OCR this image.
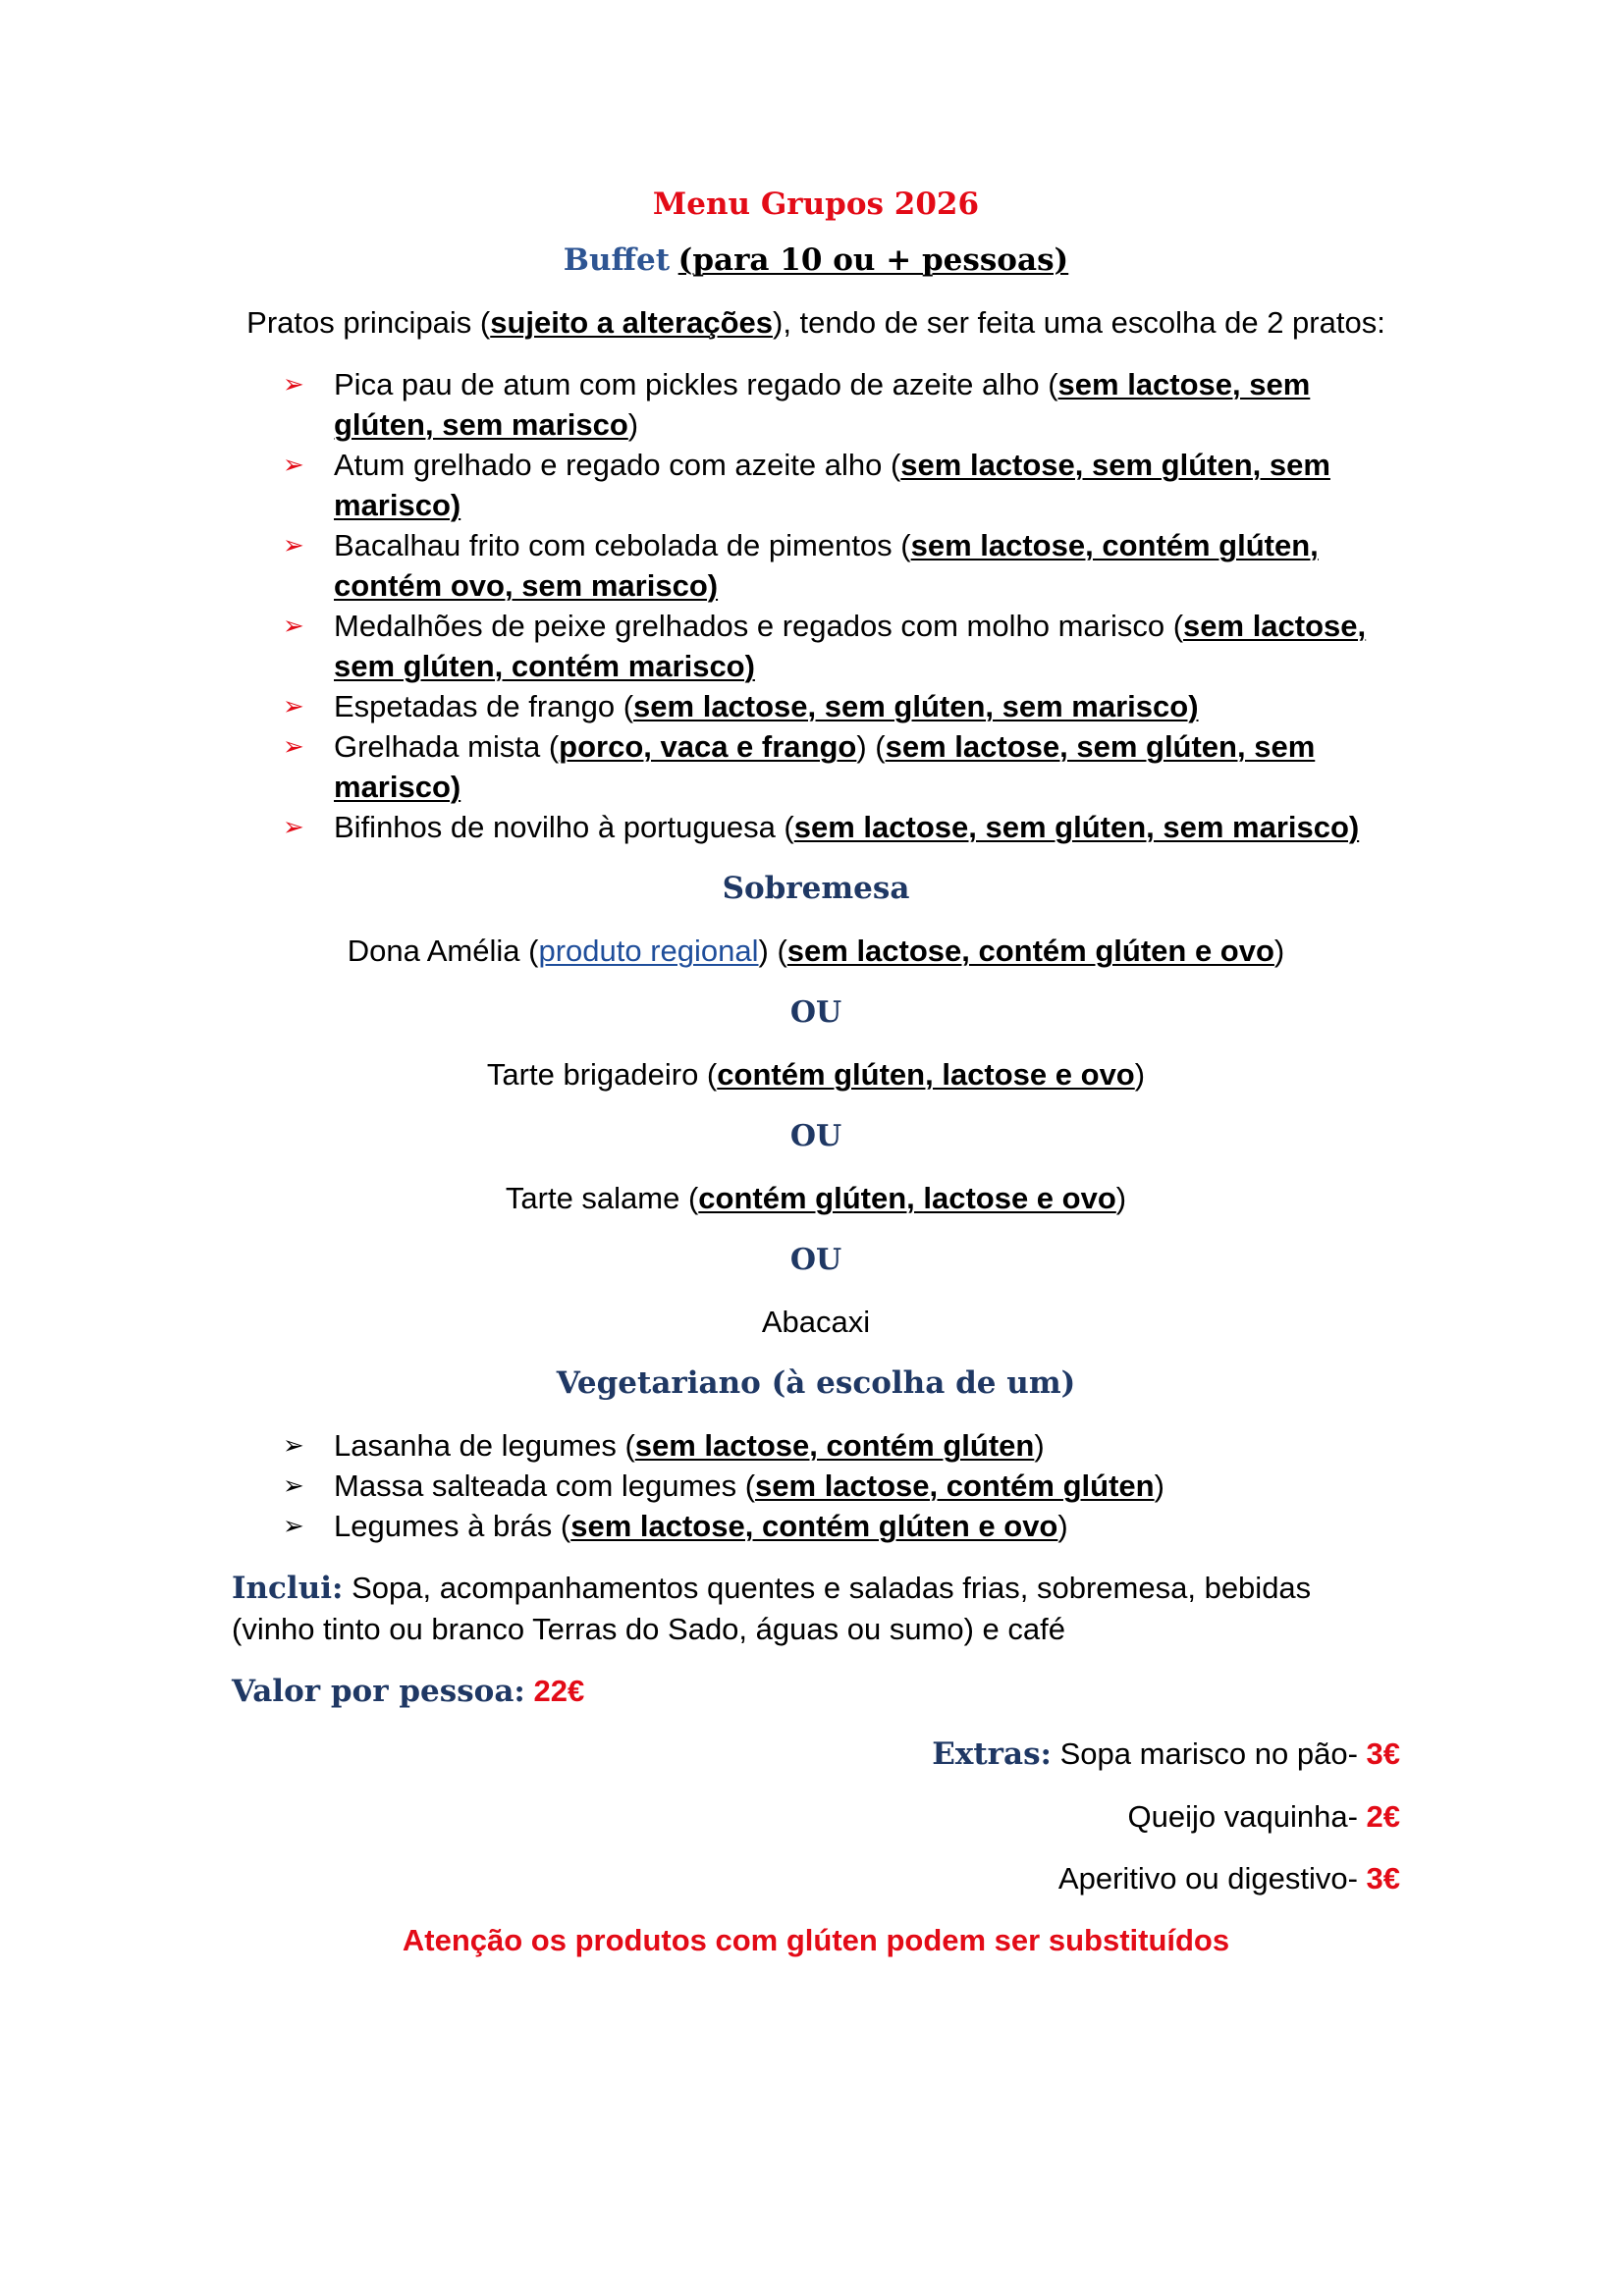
Menu Grupos 2026
Buffet (para 10 ou + pessoas)
Pratos principais (sujeito a alterações), tendo de ser feita uma escolha de 2 pratos:
➢ Pica pau de atum com pickles regado de azeite alho (sem lactose, sem glúten, sem marisco)
➢ Atum grelhado e regado com azeite alho (sem lactose, sem glúten, sem marisco)
➢ Bacalhau frito com cebolada de pimentos (sem lactose, contém glúten, contém ovo, sem marisco)
➢ Medalhões de peixe grelhados e regados com molho marisco (sem lactose, sem glúten, contém marisco)
➢ Espetadas de frango (sem lactose, sem glúten, sem marisco)
➢ Grelhada mista (porco, vaca e frango) (sem lactose, sem glúten, sem marisco)
➢ Bifinhos de novilho à portuguesa (sem lactose, sem glúten, sem marisco)
Sobremesa
Dona Amélia (produto regional) (sem lactose, contém glúten e ovo)
OU
Tarte brigadeiro (contém glúten, lactose e ovo)
OU
Tarte salame (contém glúten, lactose e ovo)
OU
Abacaxi
Vegetariano (à escolha de um)
➢ Lasanha de legumes (sem lactose, contém glúten)
➢ Massa salteada com legumes (sem lactose, contém glúten)
➢ Legumes à brás (sem lactose, contém glúten e ovo)
Inclui: Sopa, acompanhamentos quentes e saladas frias, sobremesa, bebidas (vinho tinto ou branco Terras do Sado, águas ou sumo) e café
Valor por pessoa: 22€
Extras: Sopa marisco no pão- 3€
Queijo vaquinha- 2€
Aperitivo ou digestivo- 3€
Atenção os produtos com glúten podem ser substituídos
